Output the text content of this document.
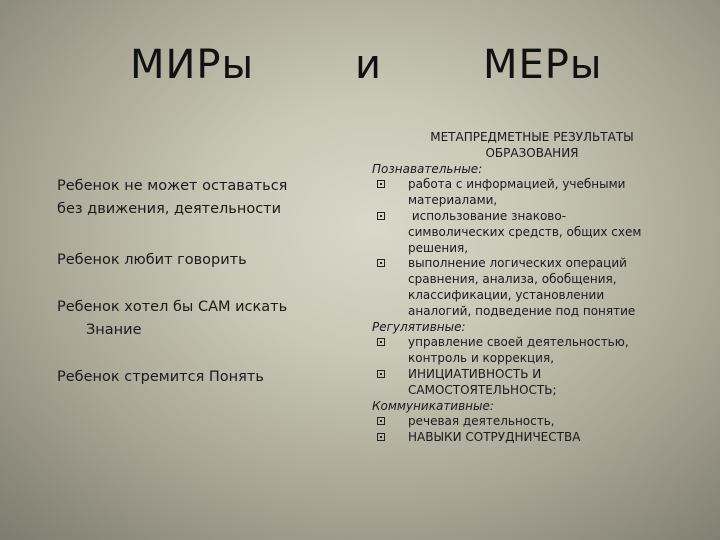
МИРы	и	МЕРы
Ребенок не может оставаться
без движения, деятельности
Ребенок любит говорить
Ребенок хотел бы САМ искать
Знание
Ребенок стремится Понять
МЕТАПРЕДМЕТНЫЕ РЕЗУЛЬТАТЫ
ОБРАЗОВАНИЯ
Познавательные:
работа с информацией, учебными
материалами,
использование знаково-
символических средств, общих схем
решения,
выполнение логических операций
сравнения, анализа, обобщения,
классификации, установлении
аналогий, подведение под понятие
Регулятивные:
управление своей деятельностью,
контроль и коррекция,
ИНИЦИАТИВНОСТЬ И
САМОСТОЯТЕЛЬНОСТЬ;
Коммуникативные:
речевая деятельность,
НАВЫКИ СОТРУДНИЧЕСТВА
